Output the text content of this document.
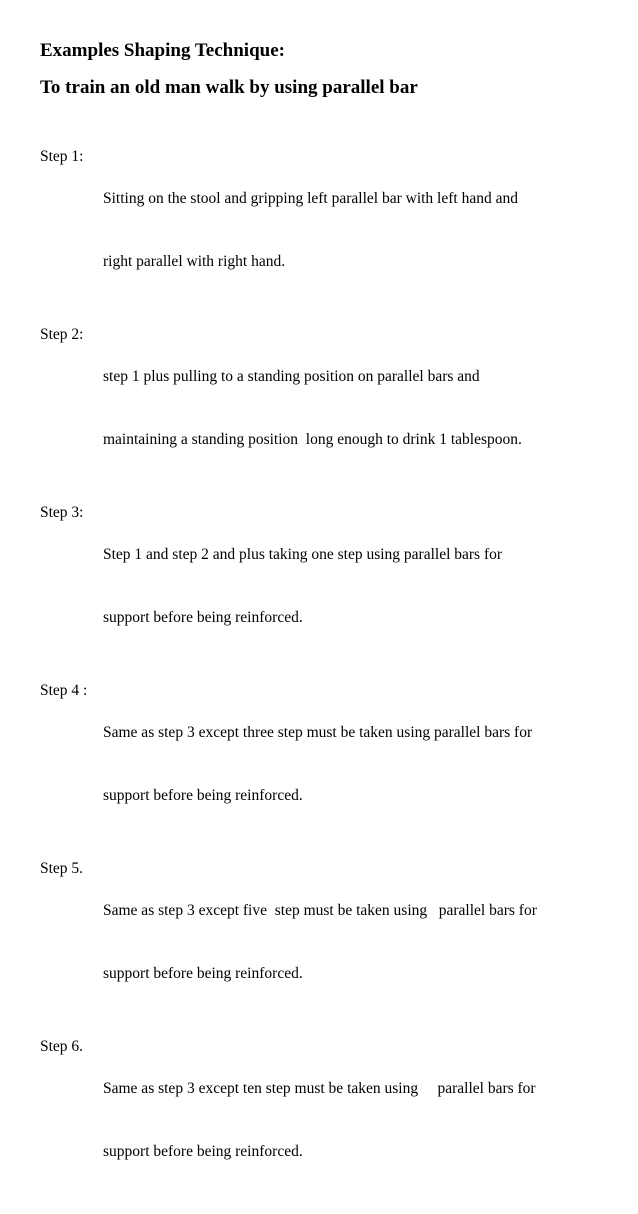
Examples Shaping Technique:
To train an old man walk by using parallel bar
Step 1:

Sitting on the stool and gripping left parallel bar with left hand and

right parallel with right hand.

Step 2:

step 1 plus pulling to a standing position on parallel bars and

maintaining a standing position  long enough to drink 1 tablespoon.

Step 3:

Step 1 and step 2 and plus taking one step using parallel bars for

support before being reinforced.

Step 4 :

Same as step 3 except three step must be taken using parallel bars for

support before being reinforced.

Step 5.

Same as step 3 except five  step must be taken using   parallel bars for

support before being reinforced.

Step 6.

Same as step 3 except ten step must be taken using     parallel bars for

support before being reinforced.
